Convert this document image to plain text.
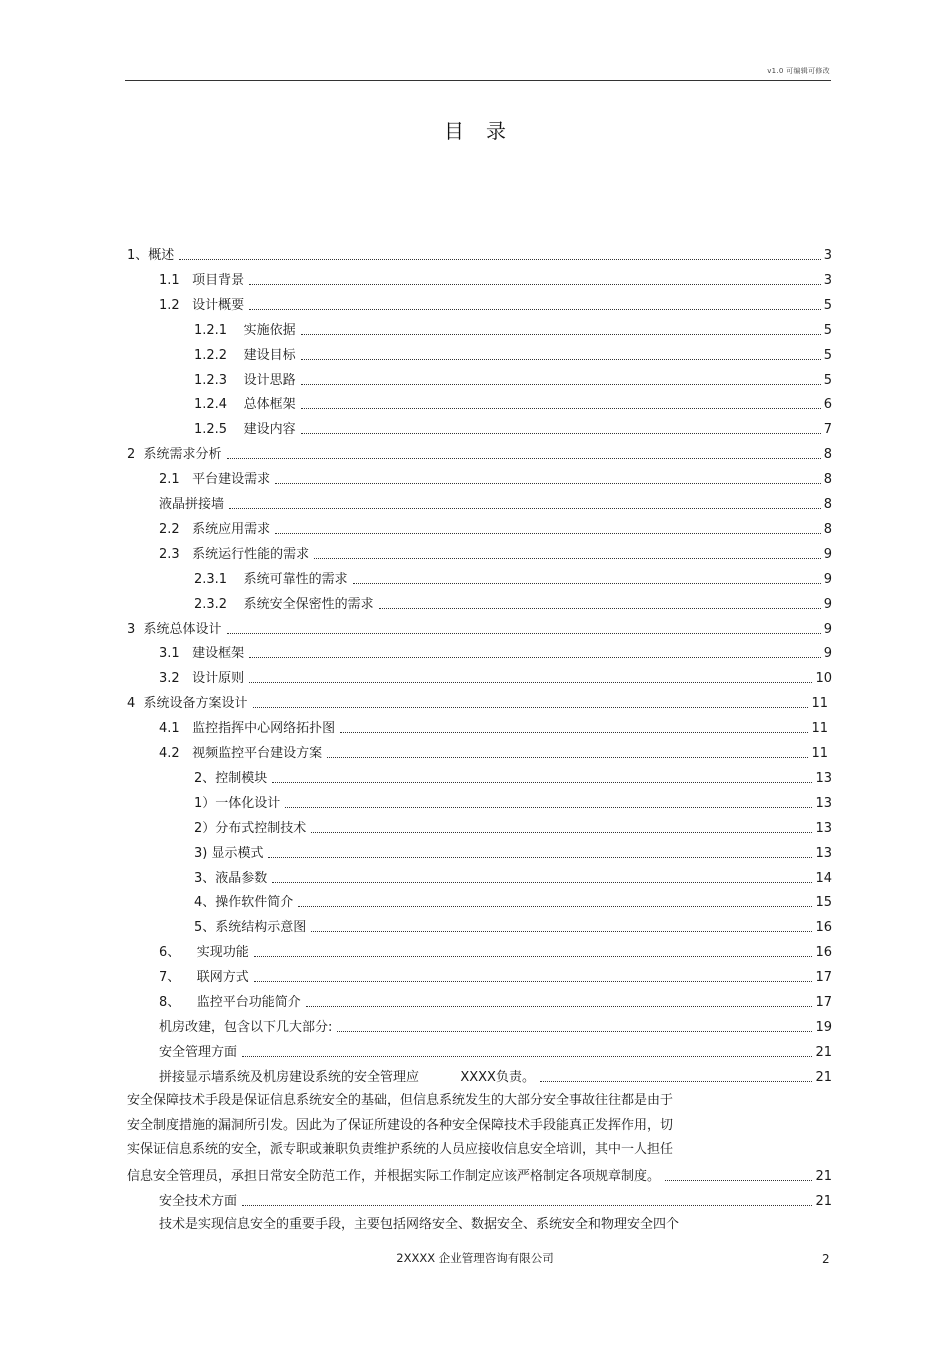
v1.0 可编辑可修改
目录
1、概述	3
1.1   项目背景	3
1.2   设计概要	5
1.2.1    实施依据	5
1.2.2    建设目标	5
1.2.3    设计思路	5
1.2.4    总体框架	6
1.2.5    建设内容	7
2  系统需求分析	8
2.1   平台建设需求	8
液晶拼接墙	8
2.2   系统应用需求	8
2.3   系统运行性能的需求	9
2.3.1    系统可靠性的需求	9
2.3.2    系统安全保密性的需求	9
3  系统总体设计	9
3.1   建设框架	9
3.2   设计原则	10
4  系统设备方案设计	11
4.1   监控指挥中心网络拓扑图	11
4.2   视频监控平台建设方案	11
2、控制模块	13
1）一体化设计	13
2）分布式控制技术	13
3) 显示模式	13
3、液晶参数	14
4、操作软件简介	15
5、系统结构示意图	16
6、    实现功能	16
7、    联网方式	17
8、    监控平台功能简介	17
机房改建，包含以下几大部分:	19
安全管理方面	21
拼接显示墙系统及机房建设系统的安全管理应          XXXX负责。	21
安全保障技术手段是保证信息系统安全的基础，但信息系统发生的大部分安全事故往往都是由于
安全制度措施的漏洞所引发。因此为了保证所建设的各种安全保障技术手段能真正发挥作用，切
实保证信息系统的安全，派专职或兼职负责维护系统的人员应接收信息安全培训，其中一人担任
信息安全管理员，承担日常安全防范工作，并根据实际工作制定应该严格制定各项规章制度。	21
安全技术方面	21
技术是实现信息安全的重要手段，主要包括网络安全、数据安全、系统安全和物理安全四个
2XXXX 企业管理咨询有限公司	2
